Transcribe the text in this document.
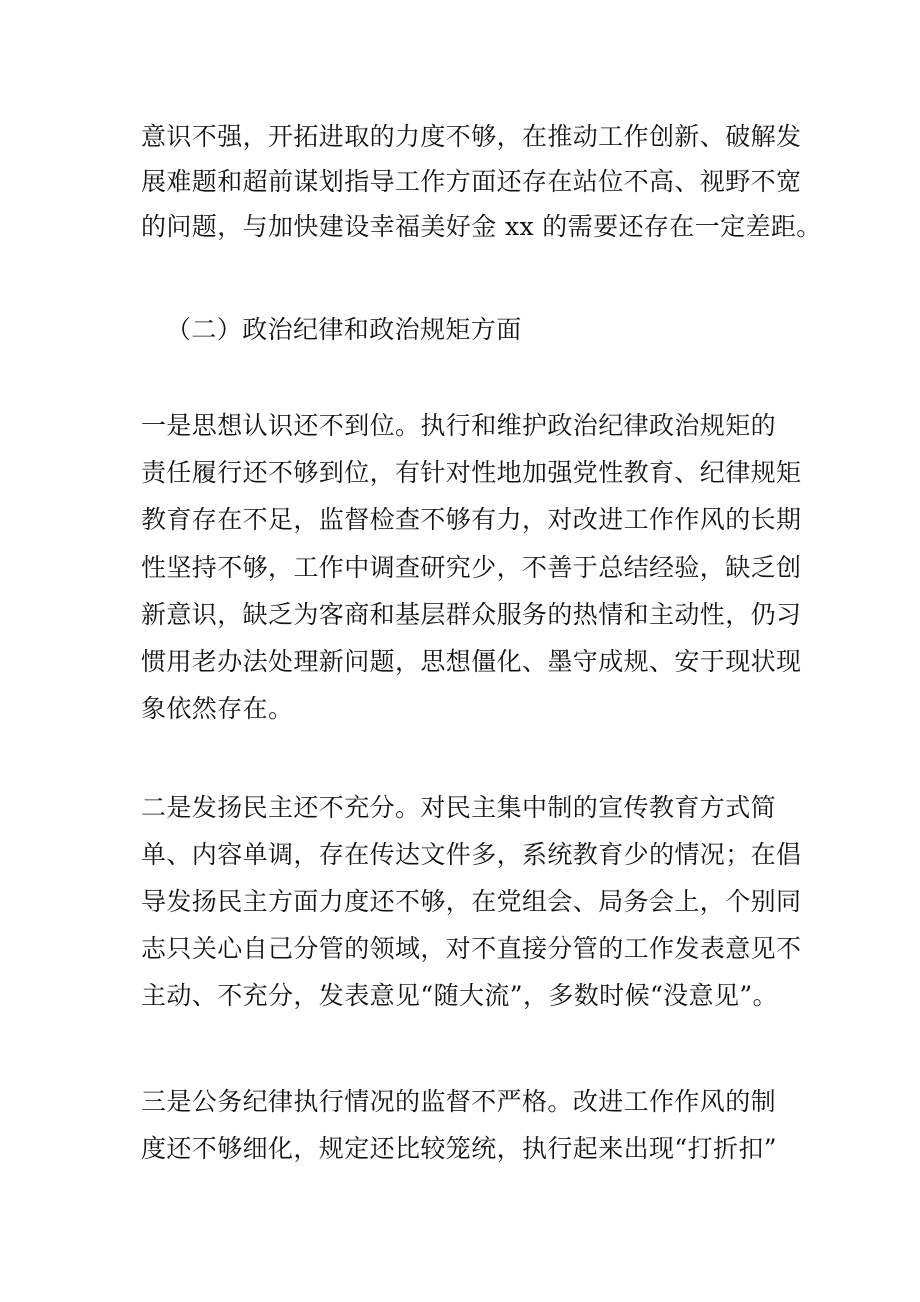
意识不强，开拓进取的力度不够，在推动工作创新、破解发

展难题和超前谋划指导工作方面还存在站位不高、视野不宽

的问题，与加快建设幸福美好金 xx 的需要还存在一定差距。

（二）政治纪律和政治规矩方面

一是思想认识还不到位。执行和维护政治纪律政治规矩的

责任履行还不够到位，有针对性地加强党性教育、纪律规矩

教育存在不足，监督检查不够有力，对改进工作作风的长期

性坚持不够，工作中调查研究少，不善于总结经验，缺乏创

新意识，缺乏为客商和基层群众服务的热情和主动性，仍习

惯用老办法处理新问题，思想僵化、墨守成规、安于现状现

象依然存在。

二是发扬民主还不充分。对民主集中制的宣传教育方式简

单、内容单调，存在传达文件多，系统教育少的情况；在倡

导发扬民主方面力度还不够，在党组会、局务会上，个别同

志只关心自己分管的领域，对不直接分管的工作发表意见不

主动、不充分，发表意见“随大流”，多数时候“没意见”。

三是公务纪律执行情况的监督不严格。改进工作作风的制

度还不够细化，规定还比较笼统，执行起来出现“打折扣”
